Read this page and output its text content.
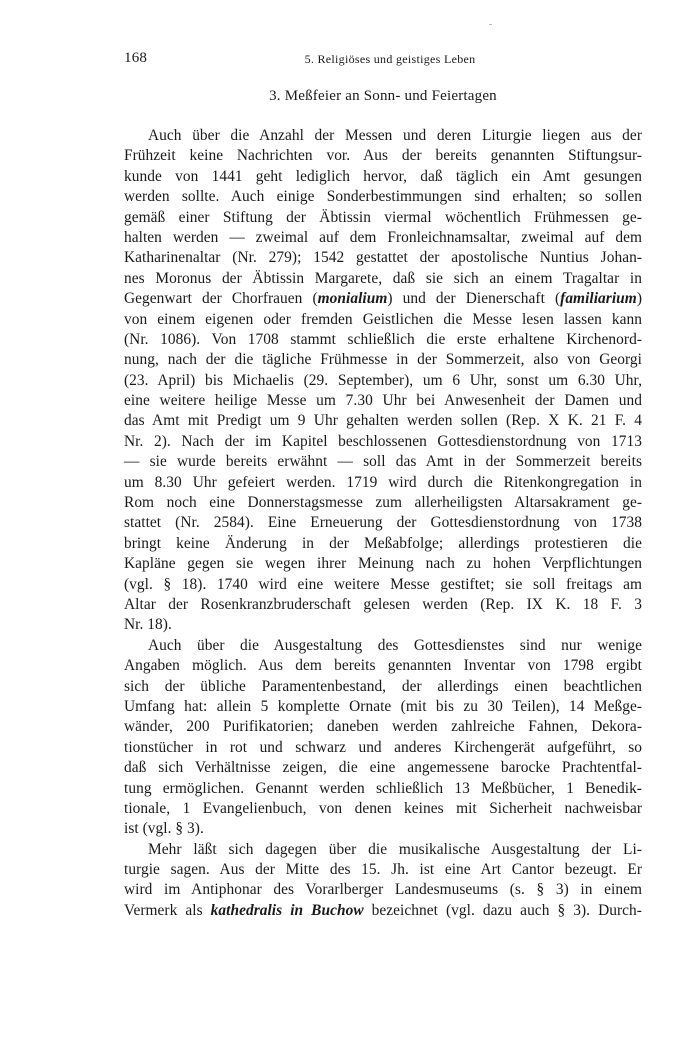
168	5. Religiöses und geistiges Leben
3. Meßfeier an Sonn- und Feiertagen
Auch über die Anzahl der Messen und deren Liturgie liegen aus der
Frühzeit keine Nachrichten vor. Aus der bereits genannten Stiftungsur-
kunde von 1441 geht lediglich hervor, daß täglich ein Amt gesungen
werden sollte. Auch einige Sonderbestimmungen sind erhalten; so sollen
gemäß einer Stiftung der Äbtissin viermal wöchentlich Frühmessen ge-
halten werden — zweimal auf dem Fronleichnamsaltar, zweimal auf dem
Katharinenaltar (Nr. 279); 1542 gestattet der apostolische Nuntius Johan-
nes Moronus der Äbtissin Margarete, daß sie sich an einem Tragaltar in
Gegenwart der Chorfrauen (monialium) und der Dienerschaft (familiarium)
von einem eigenen oder fremden Geistlichen die Messe lesen lassen kann
(Nr. 1086). Von 1708 stammt schließlich die erste erhaltene Kirchenord-
nung, nach der die tägliche Frühmesse in der Sommerzeit, also von Georgi
(23. April) bis Michaelis (29. September), um 6 Uhr, sonst um 6.30 Uhr,
eine weitere heilige Messe um 7.30 Uhr bei Anwesenheit der Damen und
das Amt mit Predigt um 9 Uhr gehalten werden sollen (Rep. X K. 21 F. 4
Nr. 2). Nach der im Kapitel beschlossenen Gottesdienstordnung von 1713
— sie wurde bereits erwähnt — soll das Amt in der Sommerzeit bereits
um 8.30 Uhr gefeiert werden. 1719 wird durch die Ritenkongregation in
Rom noch eine Donnerstagsmesse zum allerheiligsten Altarsakrament ge-
stattet (Nr. 2584). Eine Erneuerung der Gottesdienstordnung von 1738
bringt keine Änderung in der Meßabfolge; allerdings protestieren die
Kapläne gegen sie wegen ihrer Meinung nach zu hohen Verpflichtungen
(vgl. § 18). 1740 wird eine weitere Messe gestiftet; sie soll freitags am
Altar der Rosenkranzbruderschaft gelesen werden (Rep. IX K. 18 F. 3
Nr. 18).
Auch über die Ausgestaltung des Gottesdienstes sind nur wenige
Angaben möglich. Aus dem bereits genannten Inventar von 1798 ergibt
sich der übliche Paramentenbestand, der allerdings einen beachtlichen
Umfang hat: allein 5 komplette Ornate (mit bis zu 30 Teilen), 14 Meßge-
wänder, 200 Purifikatorien; daneben werden zahlreiche Fahnen, Dekora-
tionstücher in rot und schwarz und anderes Kirchengerät aufgeführt, so
daß sich Verhältnisse zeigen, die eine angemessene barocke Prachtentfal-
tung ermöglichen. Genannt werden schließlich 13 Meßbücher, 1 Benedik-
tionale, 1 Evangelienbuch, von denen keines mit Sicherheit nachweisbar
ist (vgl. § 3).
Mehr läßt sich dagegen über die musikalische Ausgestaltung der Li-
turgie sagen. Aus der Mitte des 15. Jh. ist eine Art Cantor bezeugt. Er
wird im Antiphonar des Vorarlberger Landesmuseums (s. § 3) in einem
Vermerk als kathedralis in Buchow bezeichnet (vgl. dazu auch § 3). Durch-
